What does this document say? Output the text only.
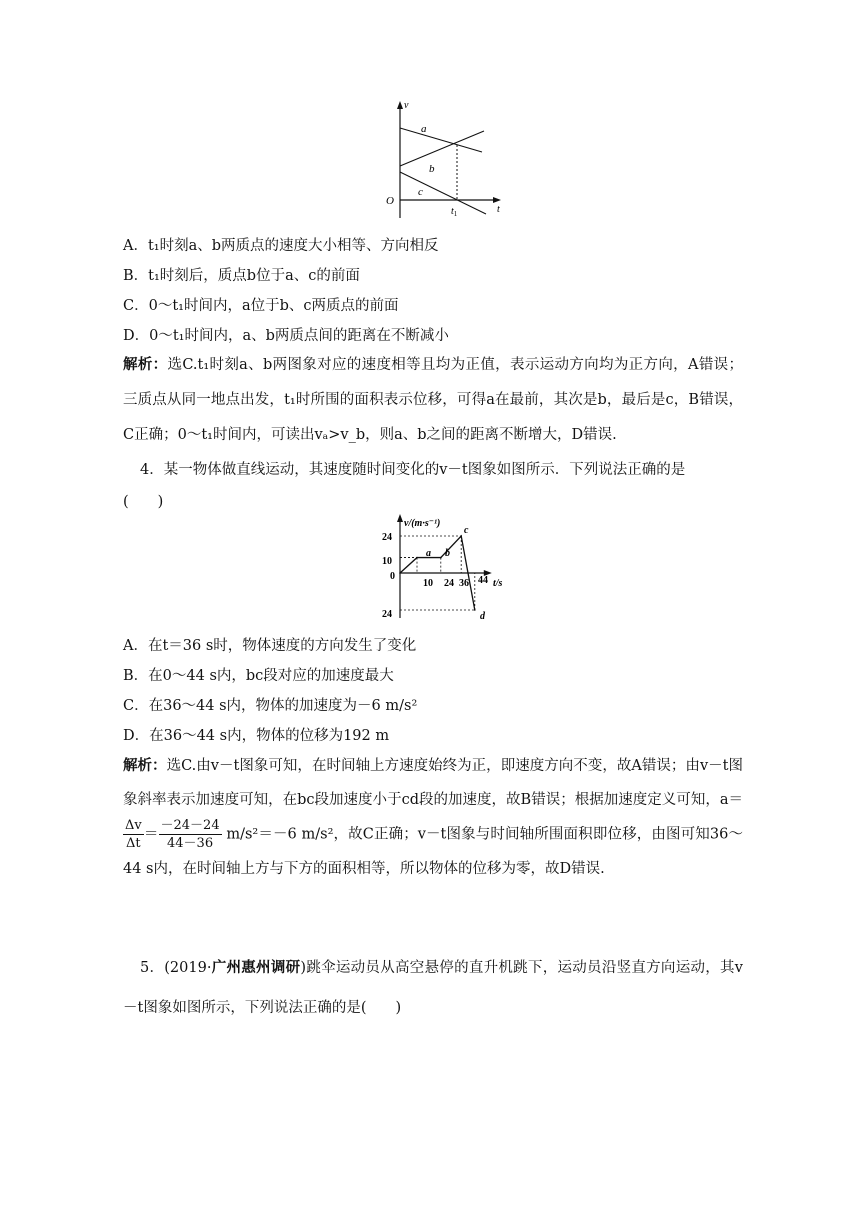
v
a
b
c
O
$t_1$	t
A．t₁时刻a、b两质点的速度大小相等、方向相反
B．t₁时刻后，质点b位于a、c的前面
C．0～t₁时间内，a位于b、c两质点的前面
D．0～t₁时间内，a、b两质点间的距离在不断减小
解析：选C.t₁时刻a、b两图象对应的速度相等且均为正值，表示运动方向均为正方向，A错误；三质点从同一地点出发，t₁时所围的面积表示位移，可得a在最前，其次是b，最后是c，B错误，C正确；0～t₁时间内，可读出vₐ>v_b，则a、b之间的距离不断增大，D错误.
4．某一物体做直线运动，其速度随时间变化的v－t图象如图所示．下列说法正确的是
(　　)
v/(m·s⁻¹)
t/s
24
10
0
24
10 24 36 44
a b
c
d
A．在t＝36 s时，物体速度的方向发生了变化
B．在0～44 s内，bc段对应的加速度最大
C．在36～44 s内，物体的加速度为－6 m/s²
D．在36～44 s内，物体的位移为192 m
解析：选C.由v－t图象可知，在时间轴上方速度始终为正，即速度方向不变，故A错误；由v－t图象斜率表示加速度可知，在bc段加速度小于cd段的加速度，故B错误；根据加速度定义可知，a＝
$\frac{\Delta v}{\Delta t} = \frac{-24-24}{44-36} m/s^2=-6$ m/s²，故C正确；v－t图象与时间轴所围面积即位移，由图可知36～44 s内，在时间轴上方与下方的面积相等，所以物体的位移为零，故D错误.
5．(2019·广州惠州调研)跳伞运动员从高空悬停的直升机跳下，运动员沿竖直方向运动，其v－t图象如图所示，下列说法正确的是(　　)
